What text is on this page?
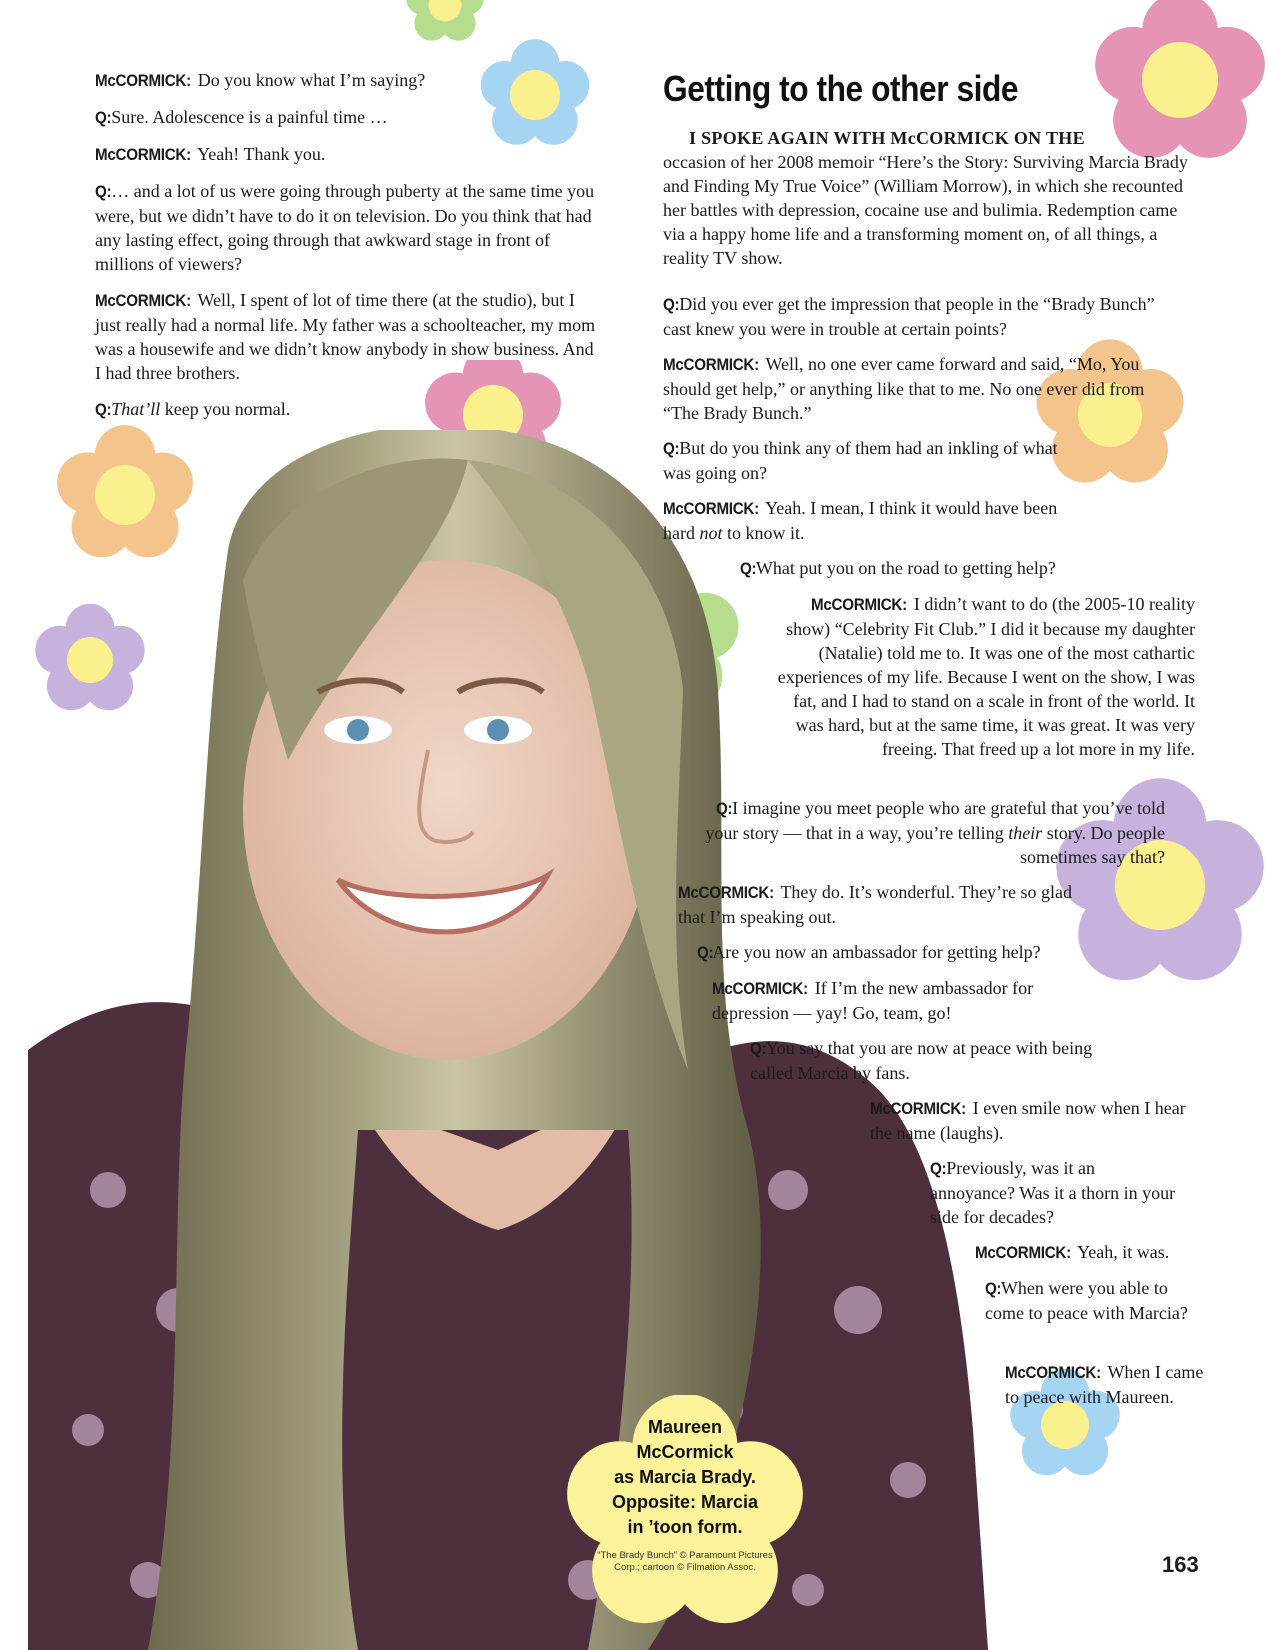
McCORMICK: Do you know what I’m saying?

Q: Sure. Adolescence is a painful time …

McCORMICK: Yeah! Thank you.

Q: … and a lot of us were going through puberty at the same time you were, but we didn’t have to do it on television. Do you think that had any lasting effect, going through that awkward stage in front of millions of viewers?

McCORMICK: Well, I spent of lot of time there (at the studio), but I just really had a normal life. My father was a schoolteacher, my mom was a housewife and we didn’t know anybody in show business. And I had three brothers.

Q: That’ll keep you normal.

Getting to the other side

I SPOKE AGAIN WITH McCORMICK ON THE
occasion of her 2008 memoir “Here’s the Story: Surviving Marcia Brady and Finding My True Voice” (William Morrow), in which she recounted her battles with depression, cocaine use and bulimia. Redemption came via a happy home life and a transforming moment on, of all things, a reality TV show.

Q: Did you ever get the impression that people in the “Brady Bunch” cast knew you were in trouble at certain points?

McCORMICK: Well, no one ever came forward and said, “Mo, You should get help,” or anything like that to me. No one ever did from “The Brady Bunch.”

Q: But do you think any of them had an inkling of what was going on?

McCORMICK: Yeah. I mean, I think it would have been hard not to know it.

Q: What put you on the road to getting help?

McCORMICK: I didn’t want to do (the 2005-10 reality show) “Celebrity Fit Club.” I did it because my daughter (Natalie) told me to. It was one of the most cathartic experiences of my life. Because I went on the show, I was fat, and I had to stand on a scale in front of the world. It was hard, but at the same time, it was great. It was very freeing. That freed up a lot more in my life.

Q: I imagine you meet people who are grateful that you’ve told your story — that in a way, you’re telling their story. Do people sometimes say that?

McCORMICK: They do. It’s wonderful. They’re so glad that I’m speaking out.

Q: Are you now an ambassador for getting help?

McCORMICK: If I’m the new ambassador for depression — yay! Go, team, go!

Q: You say that you are now at peace with being called Marcia by fans.

McCORMICK: I even smile now when I hear the name (laughs).

Q: Previously, was it an annoyance? Was it a thorn in your side for decades?

McCORMICK: Yeah, it was.

Q: When were you able to come to peace with Marcia?

McCORMICK: When I came to peace with Maureen.

Maureen
McCormick
as Marcia Brady.
Opposite: Marcia
in ’toon form.
“The Brady Bunch” © Paramount Pictures Corp.; cartoon © Filmation Assoc.	163
